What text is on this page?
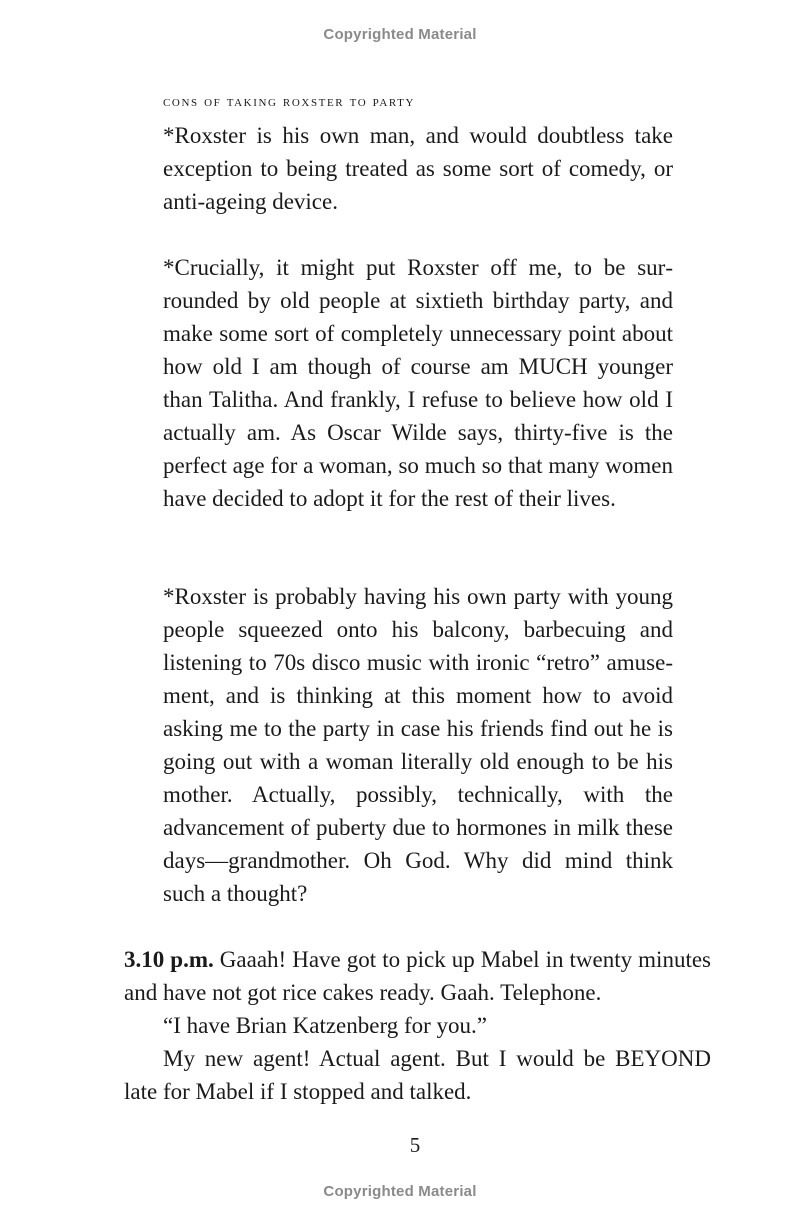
Copyrighted Material
cons of taking roxster to party

*Roxster is his own man, and would doubtless take exception to being treated as some sort of comedy, or anti-ageing device.

*Crucially, it might put Roxster off me, to be surrounded by old people at sixtieth birthday party, and make some sort of completely unnecessary point about how old I am though of course am MUCH younger than Talitha. And frankly, I refuse to believe how old I actually am. As Oscar Wilde says, thirty-five is the perfect age for a woman, so much so that many women have decided to adopt it for the rest of their lives.

*Roxster is probably having his own party with young people squeezed onto his balcony, barbecuing and listening to 70s disco music with ironic “retro” amusement, and is thinking at this moment how to avoid asking me to the party in case his friends find out he is going out with a woman literally old enough to be his mother. Actually, possibly, technically, with the advancement of puberty due to hormones in milk these days—grandmother. Oh God. Why did mind think such a thought?

3.10 p.m. Gaaah! Have got to pick up Mabel in twenty minutes and have not got rice cakes ready. Gaah. Telephone.

“I have Brian Katzenberg for you.”

My new agent! Actual agent. But I would be BEYOND late for Mabel if I stopped and talked.

5
Copyrighted Material
